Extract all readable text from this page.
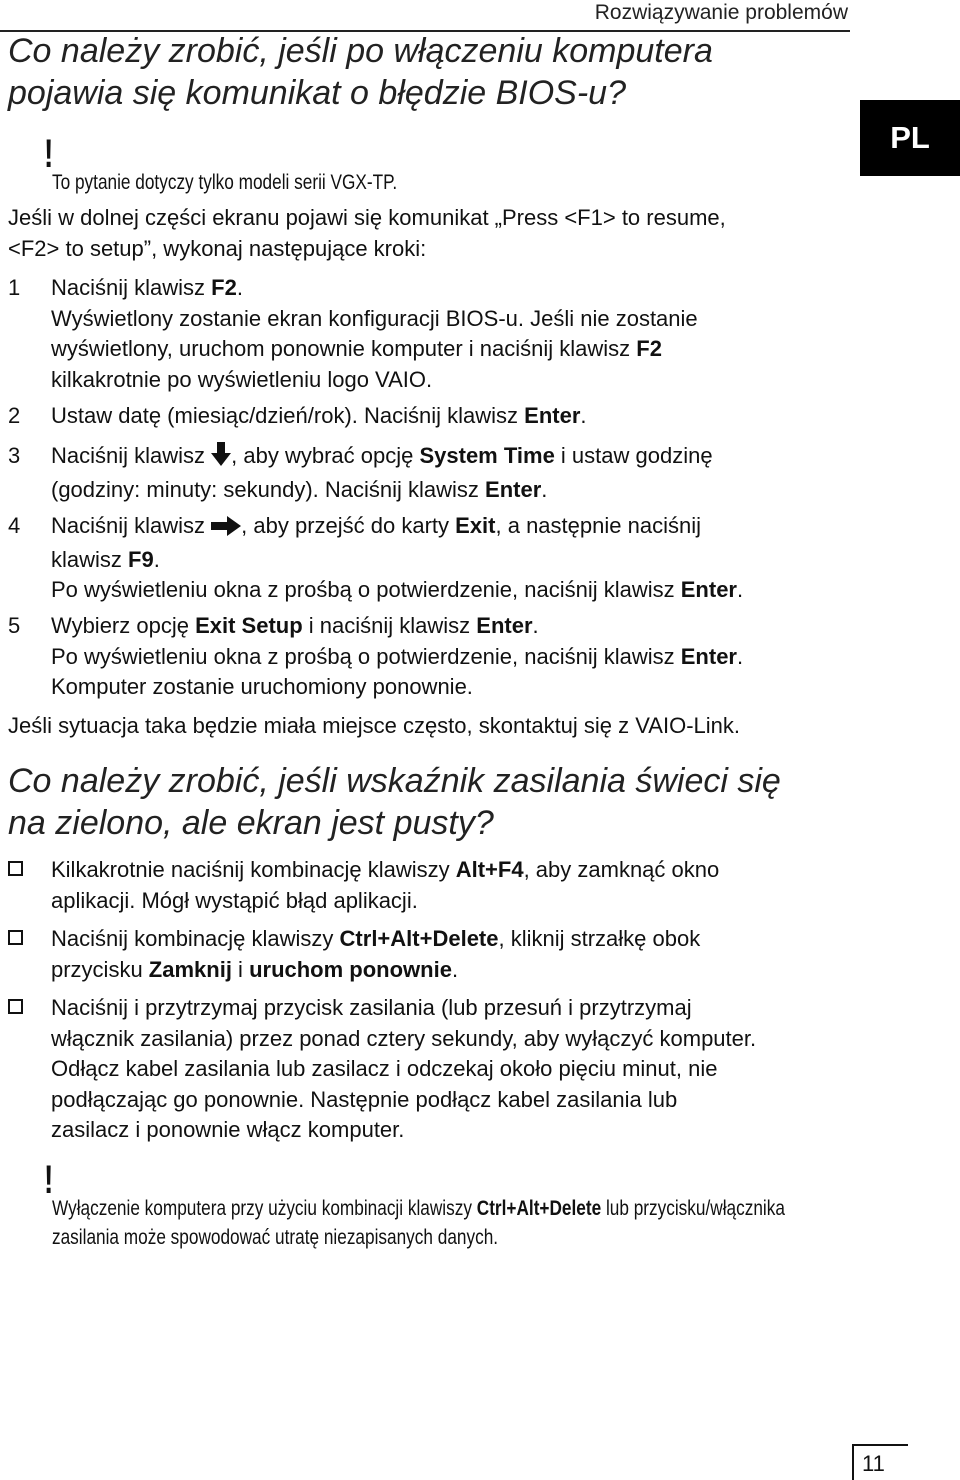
Rozwiązywanie problemów
PL
Co należy zrobić, jeśli po włączeniu komputera
pojawia się komunikat o błędzie BIOS-u?
!
To pytanie dotyczy tylko modeli serii VGX-TP.

Jeśli w dolnej części ekranu pojawi się komunikat „Press <F1> to resume,

<F2> to setup”, wykonaj następujące kroki:

1	Naciśnij klawisz F2.
Wyświetlony zostanie ekran konfiguracji BIOS-u. Jeśli nie zostanie
wyświetlony, uruchom ponownie komputer i naciśnij klawisz F2
kilkakrotnie po wyświetleniu logo VAIO.
2	Ustaw datę (miesiąc/dzień/rok). Naciśnij klawisz Enter.
3	Naciśnij klawisz , aby wybrać opcję System Time i ustaw godzinę
(godziny: minuty: sekundy). Naciśnij klawisz Enter.
4	Naciśnij klawisz , aby przejść do karty Exit, a następnie naciśnij
klawisz F9.
Po wyświetleniu okna z prośbą o potwierdzenie, naciśnij klawisz Enter.
5	Wybierz opcję Exit Setup i naciśnij klawisz Enter.
Po wyświetleniu okna z prośbą o potwierdzenie, naciśnij klawisz Enter.
Komputer zostanie uruchomiony ponownie.

Jeśli sytuacja taka będzie miała miejsce często, skontaktuj się z VAIO-Link.

Co należy zrobić, jeśli wskaźnik zasilania świeci się
na zielono, ale ekran jest pusty?
Kilkakrotnie naciśnij kombinację klawiszy Alt+F4, aby zamknąć okno
aplikacji. Mógł wystąpić błąd aplikacji.
Naciśnij kombinację klawiszy Ctrl+Alt+Delete, kliknij strzałkę obok
przycisku Zamknij i uruchom ponownie.
Naciśnij i przytrzymaj przycisk zasilania (lub przesuń i przytrzymaj
włącznik zasilania) przez ponad cztery sekundy, aby wyłączyć komputer.
Odłącz kabel zasilania lub zasilacz i odczekaj około pięciu minut, nie
podłączając go ponownie. Następnie podłącz kabel zasilania lub
zasilacz i ponownie włącz komputer.
!
Wyłączenie komputera przy użyciu kombinacji klawiszy Ctrl+Alt+Delete lub przycisku/włącznika
zasilania może spowodować utratę niezapisanych danych.
11
